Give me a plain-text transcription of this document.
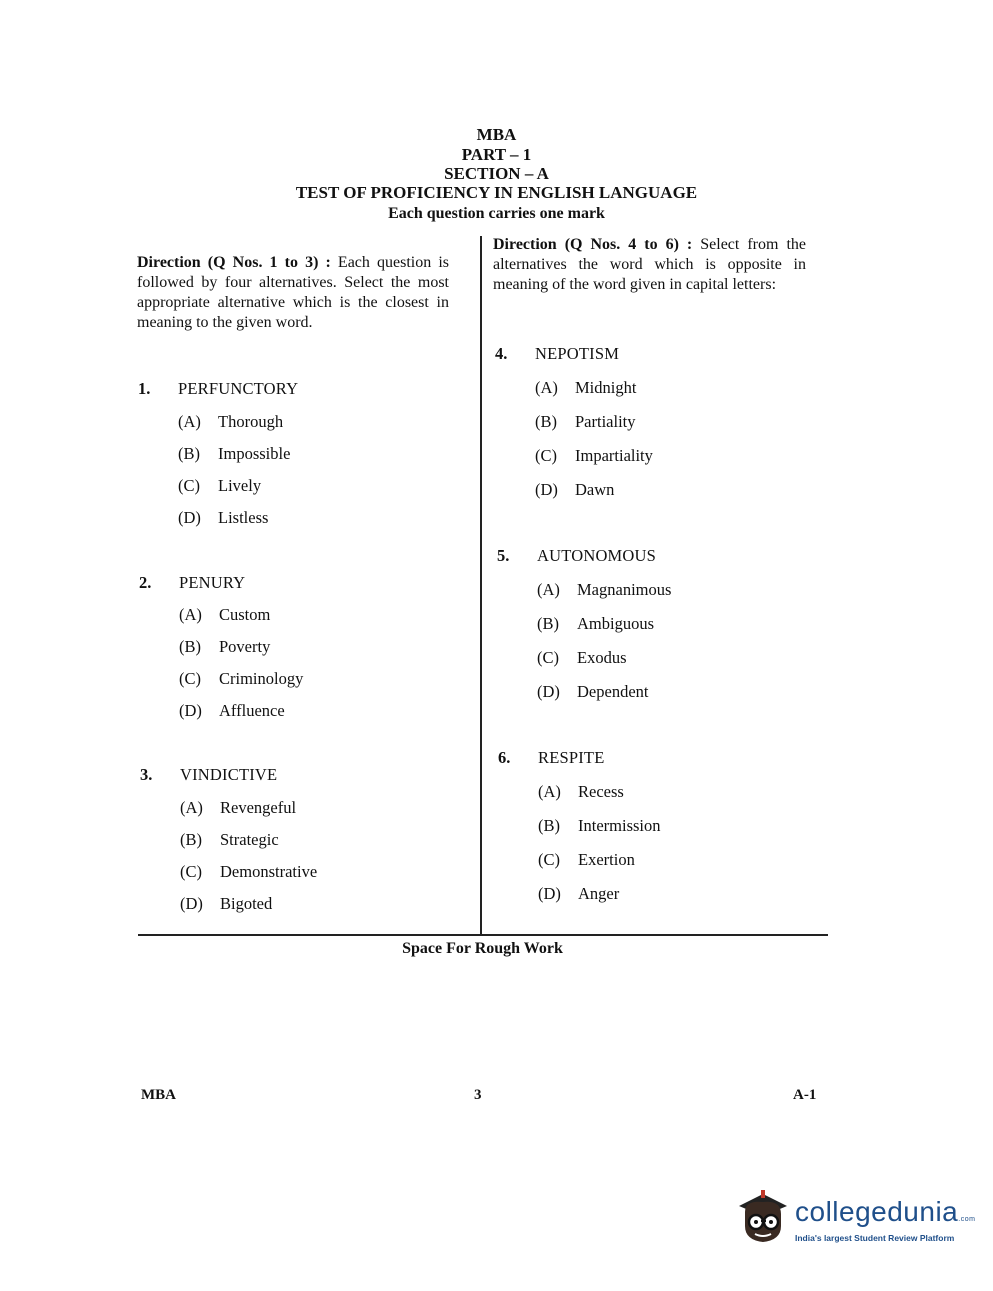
MBA
PART – 1
SECTION – A
TEST OF PROFICIENCY IN ENGLISH LANGUAGE
Each question carries one mark
Direction (Q Nos. 1 to 3) : Each question is followed by four alternatives. Select the most appropriate alternative which is the closest in meaning to the given word.
Direction (Q Nos. 4 to 6) : Select from the alternatives the word which is opposite in meaning of the word given in capital letters:
1. PERFUNCTORY
(A) Thorough
(B) Impossible
(C) Lively
(D) Listless
2. PENURY
(A) Custom
(B) Poverty
(C) Criminology
(D) Affluence
3. VINDICTIVE
(A) Revengeful
(B) Strategic
(C) Demonstrative
(D) Bigoted
4. NEPOTISM
(A) Midnight
(B) Partiality
(C) Impartiality
(D) Dawn
5. AUTONOMOUS
(A) Magnanimous
(B) Ambiguous
(C) Exodus
(D) Dependent
6. RESPITE
(A) Recess
(B) Intermission
(C) Exertion
(D) Anger
Space For Rough Work
MBA	3	A-1
collegedunia.com
India's largest Student Review Platform
